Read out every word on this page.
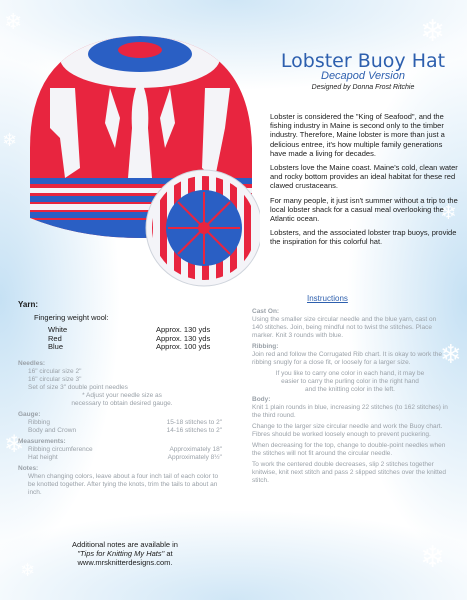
❄	❄
❄
❄
❄
❄
❄
❄
Lobster Buoy Hat
Decapod Version
Designed by Donna Frost Ritchie

Lobster is considered the "King of Seafood", and the fishing industry in Maine is second only to the timber industry. Therefore, Maine lobster is more than just a delicious entree, it's how multiple family generations have made a living for decades.

Lobsters love the Maine coast. Maine's cold, clean water and rocky bottom provides an ideal habitat for these red clawed crustaceans.

For many people, it just isn't summer without a trip to the local lobster shack for a casual meal overlooking the Atlantic ocean.

Lobsters, and the associated lobster trap buoys, provide the inspiration for this colorful hat.

Yarn:
Fingering weight wool:
White	Approx. 130 yds
Red	Approx. 130 yds
Blue	Approx. 100 yds
Needles:
16" circular size 2"
16" circular size 3"
Set of size 3" double point needles
* Adjust your needle size as
necessary to obtain desired gauge.
Gauge:
Ribbing	15-18 stitches to 2"
Body and Crown	14-16 stitches to 2"
Measurements:
Ribbing circumference	Approximately 18"
Hat height	Approximately 8½"
Notes:
When changing colors, leave about a four inch tail of each color to be knotted together. After tying the knots, trim the tails to about an inch.
Additional notes are available in
"Tips for Knitting My Hats" at
www.mrsknitterdesigns.com.
Instructions
Cast On:

Using the smaller size circular needle and the blue yarn, cast on 140 stitches. Join, being mindful not to twist the stitches. Place marker. Knit 3 rounds with blue.

Ribbing:

Join red and follow the Corrugated Rib chart. It is okay to work the ribbing snugly for a close fit, or loosely for a larger size.

If you like to carry one color in each hand, it may be
easier to carry the purling color in the right hand
and the knitting color in the left.
Body:

Knit 1 plain rounds in blue, increasing 22 stitches (to 162 stitches) in the third round.

Change to the larger size circular needle and work the Buoy chart. Fibres should be worked loosely enough to prevent puckering.

When decreasing for the top, change to double-point needles when the stitches will not fit around the circular needle.

To work the centered double decreases, slip 2 stitches together knitwise, knit next stitch and pass 2 slipped stitches over the knitted stitch.
